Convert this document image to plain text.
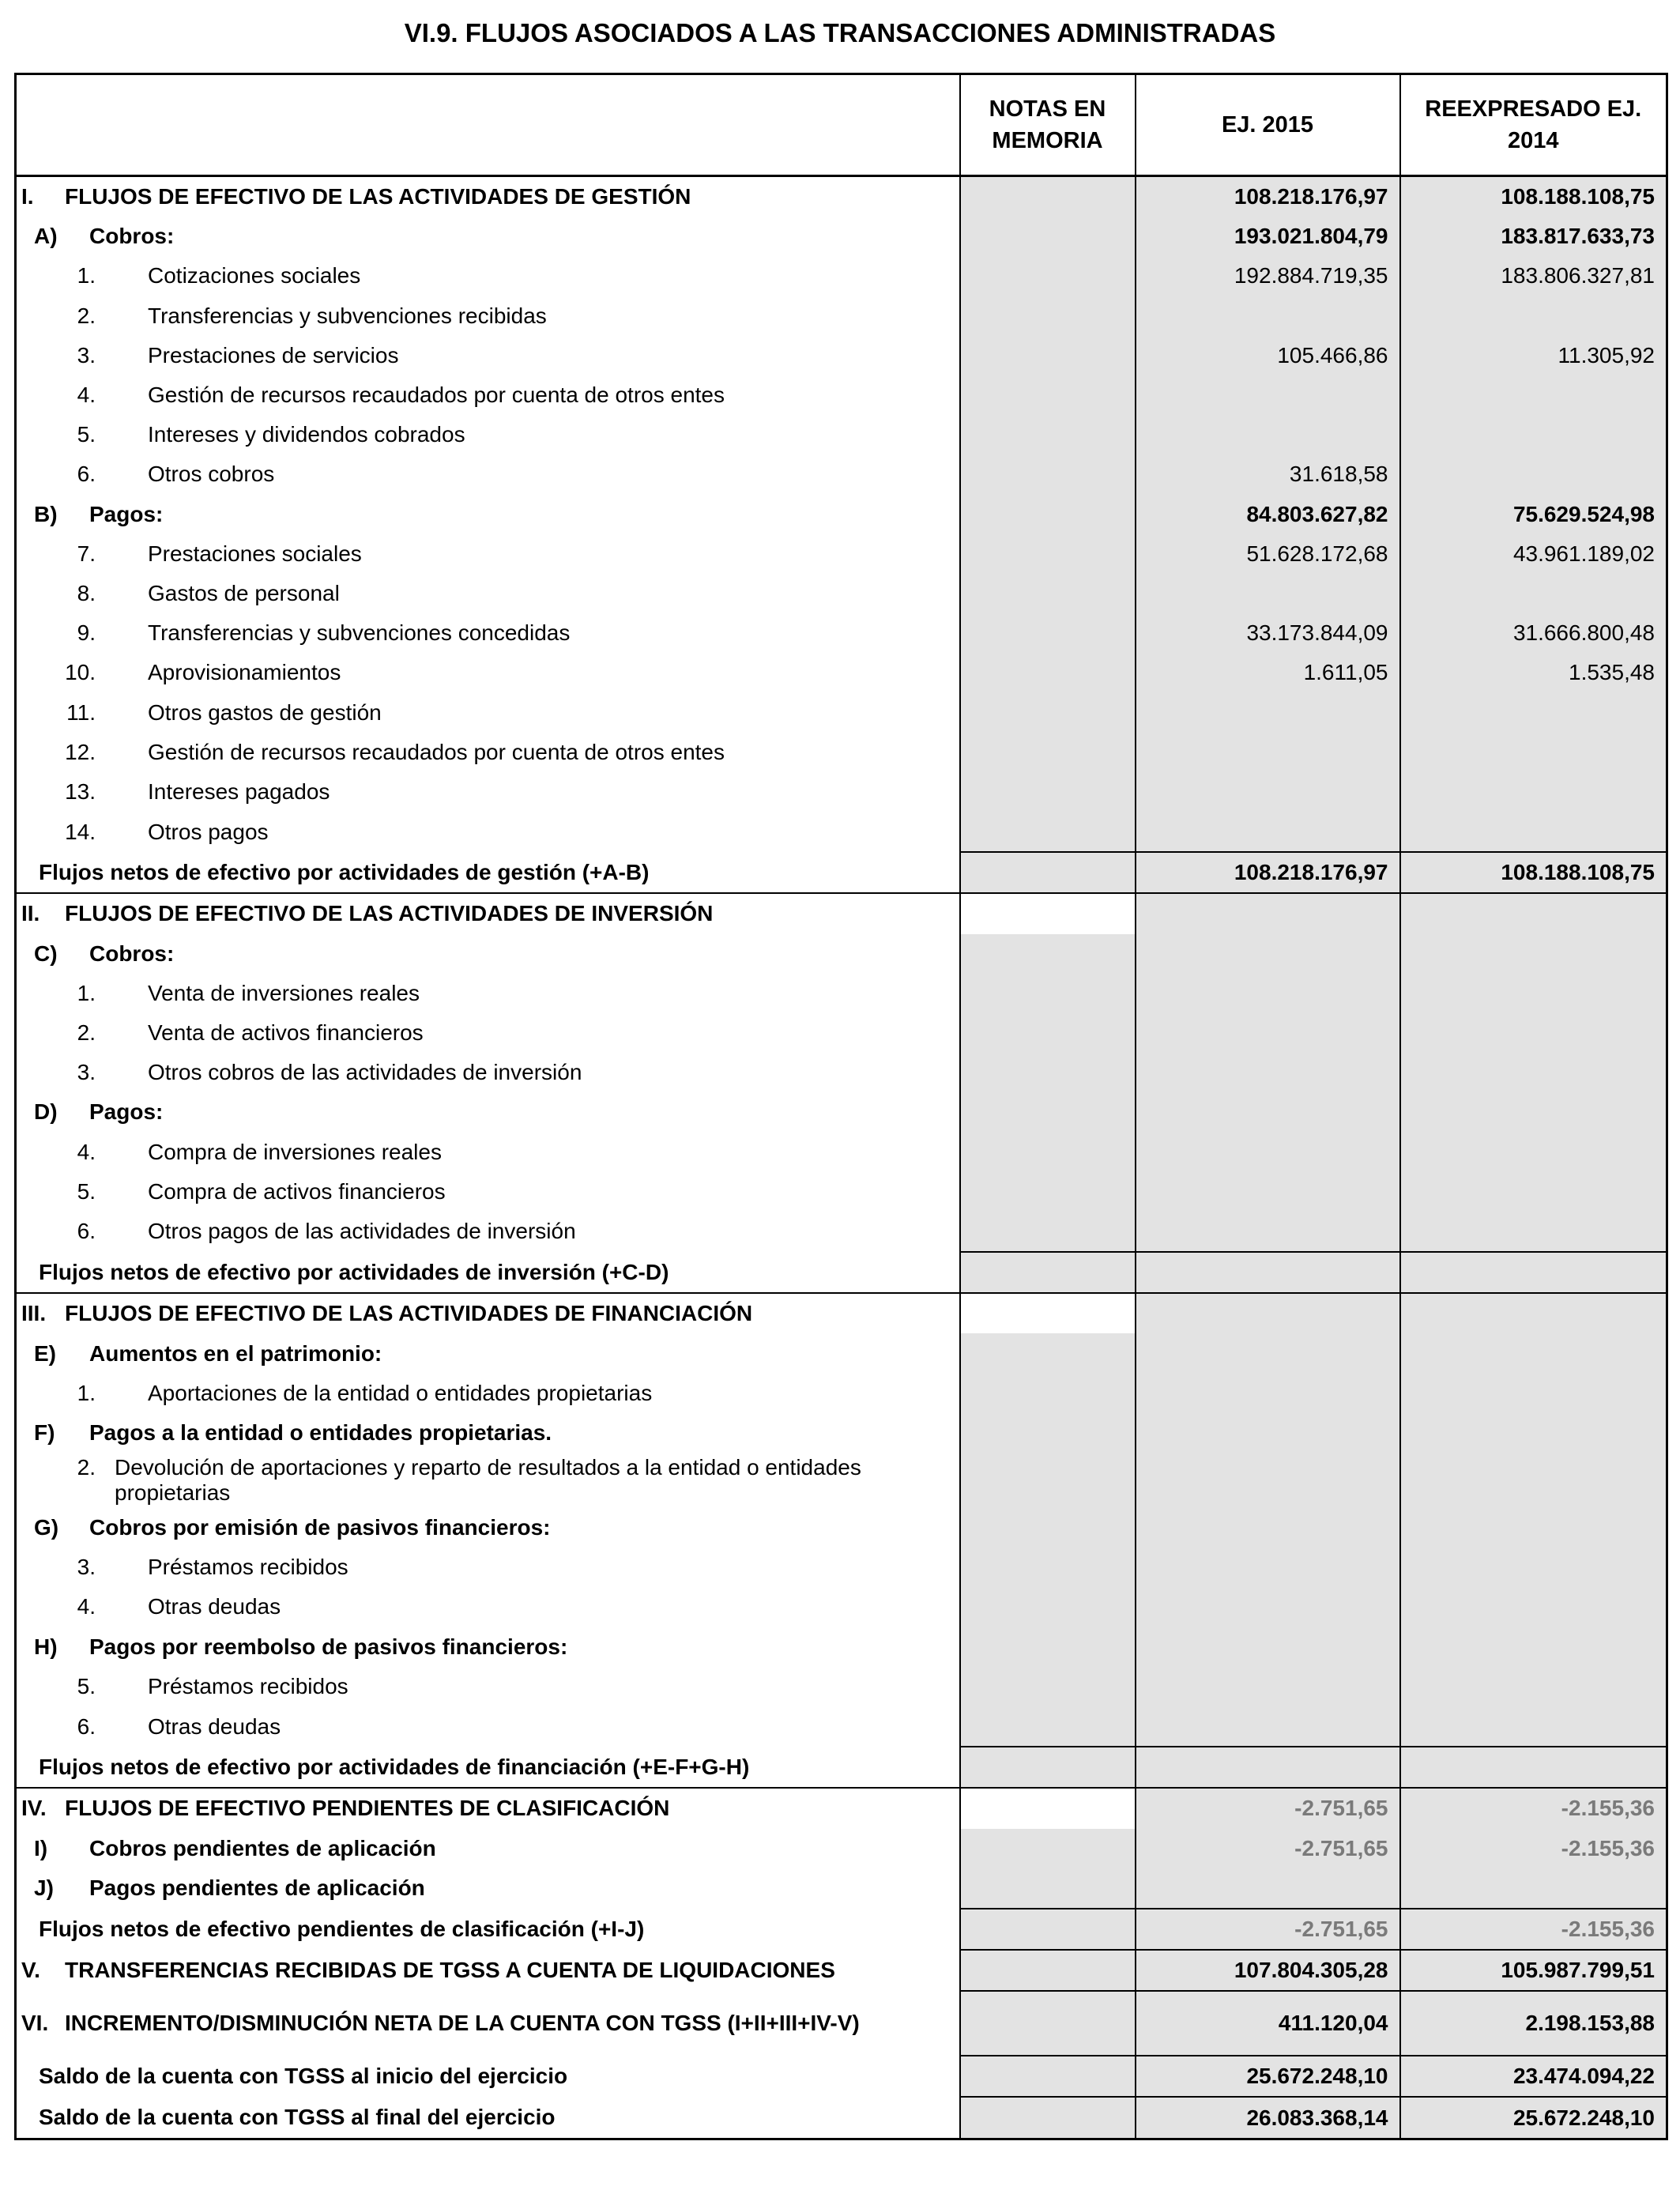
VI.9. FLUJOS ASOCIADOS A LAS TRANSACCIONES ADMINISTRADAS
	NOTAS EN MEMORIA	EJ. 2015	REEXPRESADO EJ. 2014
I. FLUJOS DE EFECTIVO DE LAS ACTIVIDADES DE GESTIÓN		108.218.176,97	108.188.108,75
A) Cobros:		193.021.804,79	183.817.633,73
1. Cotizaciones sociales		192.884.719,35	183.806.327,81
2. Transferencias y subvenciones recibidas			
3. Prestaciones de servicios		105.466,86	11.305,92
4. Gestión de recursos recaudados por cuenta de otros entes			
5. Intereses y dividendos cobrados			
6. Otros cobros		31.618,58	
B) Pagos:		84.803.627,82	75.629.524,98
7. Prestaciones sociales		51.628.172,68	43.961.189,02
8. Gastos de personal			
9. Transferencias y subvenciones concedidas		33.173.844,09	31.666.800,48
10. Aprovisionamientos		1.611,05	1.535,48
11. Otros gastos de gestión			
12. Gestión de recursos recaudados por cuenta de otros entes			
13. Intereses pagados			
14. Otros pagos			
Flujos netos de efectivo por actividades de gestión (+A-B)		108.218.176,97	108.188.108,75
II. FLUJOS DE EFECTIVO DE LAS ACTIVIDADES DE INVERSIÓN			
C) Cobros:			
1. Venta de inversiones reales			
2. Venta de activos financieros			
3. Otros cobros de las actividades de inversión			
D) Pagos:			
4. Compra de inversiones reales			
5. Compra de activos financieros			
6. Otros pagos de las actividades de inversión			
Flujos netos de efectivo por actividades de inversión (+C-D)			
III. FLUJOS DE EFECTIVO DE LAS ACTIVIDADES DE FINANCIACIÓN			
E) Aumentos en el patrimonio:			
1. Aportaciones de la entidad o entidades propietarias			
F) Pagos a la entidad o entidades propietarias.			
2. Devolución de aportaciones y reparto de resultados a la entidad o entidades propietarias			
G) Cobros por emisión de pasivos financieros:			
3. Préstamos recibidos			
4. Otras deudas			
H) Pagos por reembolso de pasivos financieros:			
5. Préstamos recibidos			
6. Otras deudas			
Flujos netos de efectivo por actividades de financiación (+E-F+G-H)			
IV. FLUJOS DE EFECTIVO PENDIENTES DE CLASIFICACIÓN		-2.751,65	-2.155,36
I) Cobros pendientes de aplicación		-2.751,65	-2.155,36
J) Pagos pendientes de aplicación			
Flujos netos de efectivo pendientes de clasificación (+I-J)		-2.751,65	-2.155,36
V. TRANSFERENCIAS RECIBIDAS DE TGSS A CUENTA DE LIQUIDACIONES		107.804.305,28	105.987.799,51
VI. INCREMENTO/DISMINUCIÓN NETA DE LA CUENTA CON TGSS (I+II+III+IV-V)		411.120,04	2.198.153,88
Saldo de la cuenta con TGSS al inicio del ejercicio		25.672.248,10	23.474.094,22
Saldo de la cuenta con TGSS al final del ejercicio		26.083.368,14	25.672.248,10
